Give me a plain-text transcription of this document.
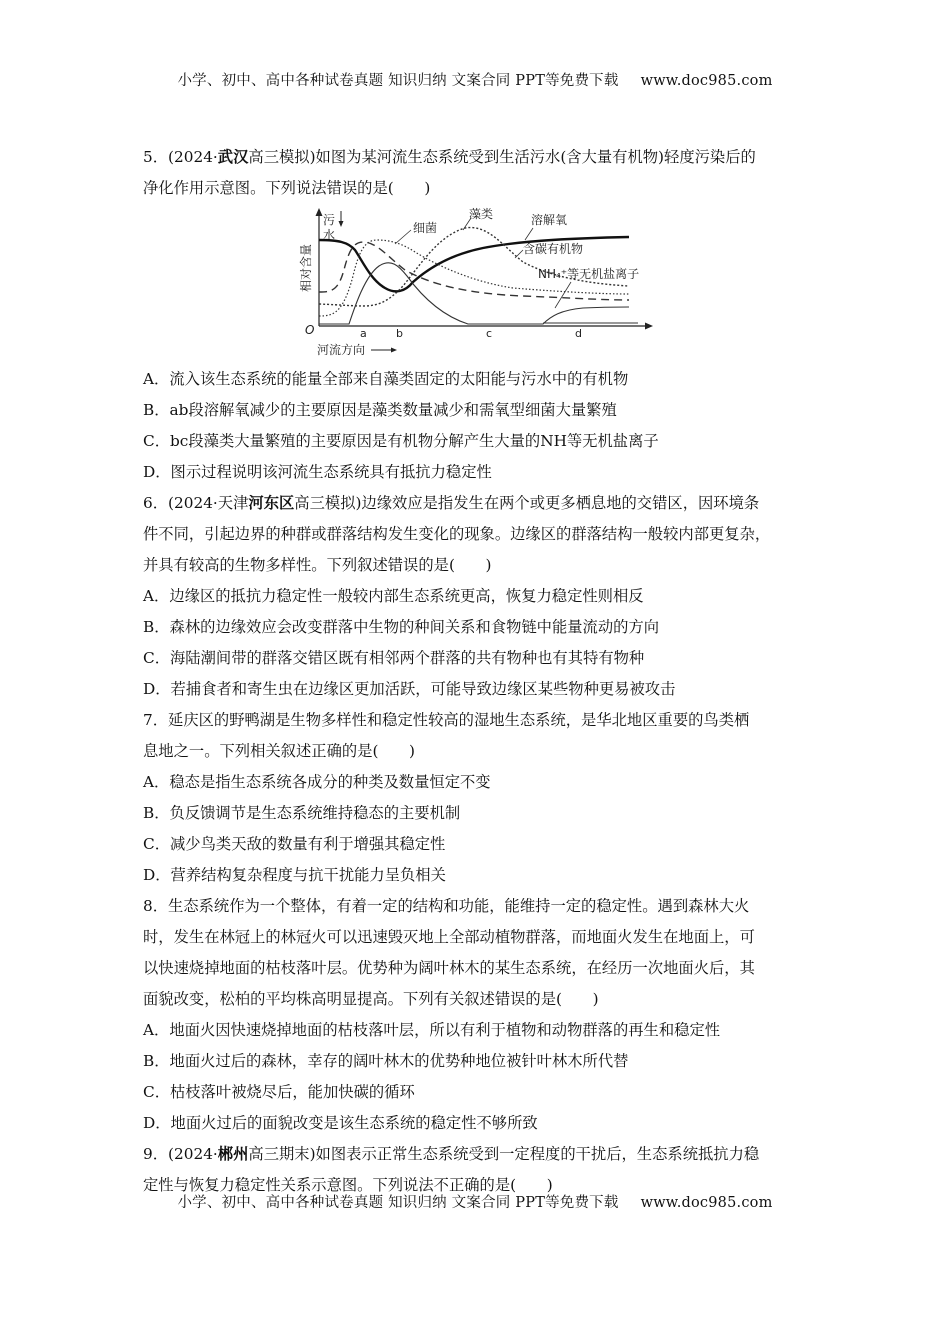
小学、初中、高中各种试卷真题 知识归纳 文案合同 PPT等免费下载 www.doc985.com
5．(2024·武汉高三模拟)如图为某河流生态系统受到生活污水(含大量有机物)轻度污染后的
净化作用示意图。下列说法错误的是(　　)
相对含量
O
污
水
a	b	c	d
河流方向
细菌
藻类	溶解氧
含碳有机物
NH₄⁺等无机盐离子
A．流入该生态系统的能量全部来自藻类固定的太阳能与污水中的有机物
B．ab段溶解氧减少的主要原因是藻类数量减少和需氧型细菌大量繁殖
C．bc段藻类大量繁殖的主要原因是有机物分解产生大量的NH等无机盐离子
D．图示过程说明该河流生态系统具有抵抗力稳定性
6．(2024·天津河东区高三模拟)边缘效应是指发生在两个或更多栖息地的交错区，因环境条
件不同，引起边界的种群或群落结构发生变化的现象。边缘区的群落结构一般较内部更复杂，
并具有较高的生物多样性。下列叙述错误的是(　　)
A．边缘区的抵抗力稳定性一般较内部生态系统更高，恢复力稳定性则相反
B．森林的边缘效应会改变群落中生物的种间关系和食物链中能量流动的方向
C．海陆潮间带的群落交错区既有相邻两个群落的共有物种也有其特有物种
D．若捕食者和寄生虫在边缘区更加活跃，可能导致边缘区某些物种更易被攻击
7．延庆区的野鸭湖是生物多样性和稳定性较高的湿地生态系统，是华北地区重要的鸟类栖
息地之一。下列相关叙述正确的是(　　)
A．稳态是指生态系统各成分的种类及数量恒定不变
B．负反馈调节是生态系统维持稳态的主要机制
C．减少鸟类天敌的数量有利于增强其稳定性
D．营养结构复杂程度与抗干扰能力呈负相关
8．生态系统作为一个整体，有着一定的结构和功能，能维持一定的稳定性。遇到森林大火
时，发生在林冠上的林冠火可以迅速毁灭地上全部动植物群落，而地面火发生在地面上，可
以快速烧掉地面的枯枝落叶层。优势种为阔叶林木的某生态系统，在经历一次地面火后，其
面貌改变，松柏的平均株高明显提高。下列有关叙述错误的是(　　)
A．地面火因快速烧掉地面的枯枝落叶层，所以有利于植物和动物群落的再生和稳定性
B．地面火过后的森林，幸存的阔叶林木的优势种地位被针叶林木所代替
C．枯枝落叶被烧尽后，能加快碳的循环
D．地面火过后的面貌改变是该生态系统的稳定性不够所致
9．(2024·郴州高三期末)如图表示正常生态系统受到一定程度的干扰后，生态系统抵抗力稳
定性与恢复力稳定性关系示意图。下列说法不正确的是(　　)
小学、初中、高中各种试卷真题 知识归纳 文案合同 PPT等免费下载 www.doc985.com
